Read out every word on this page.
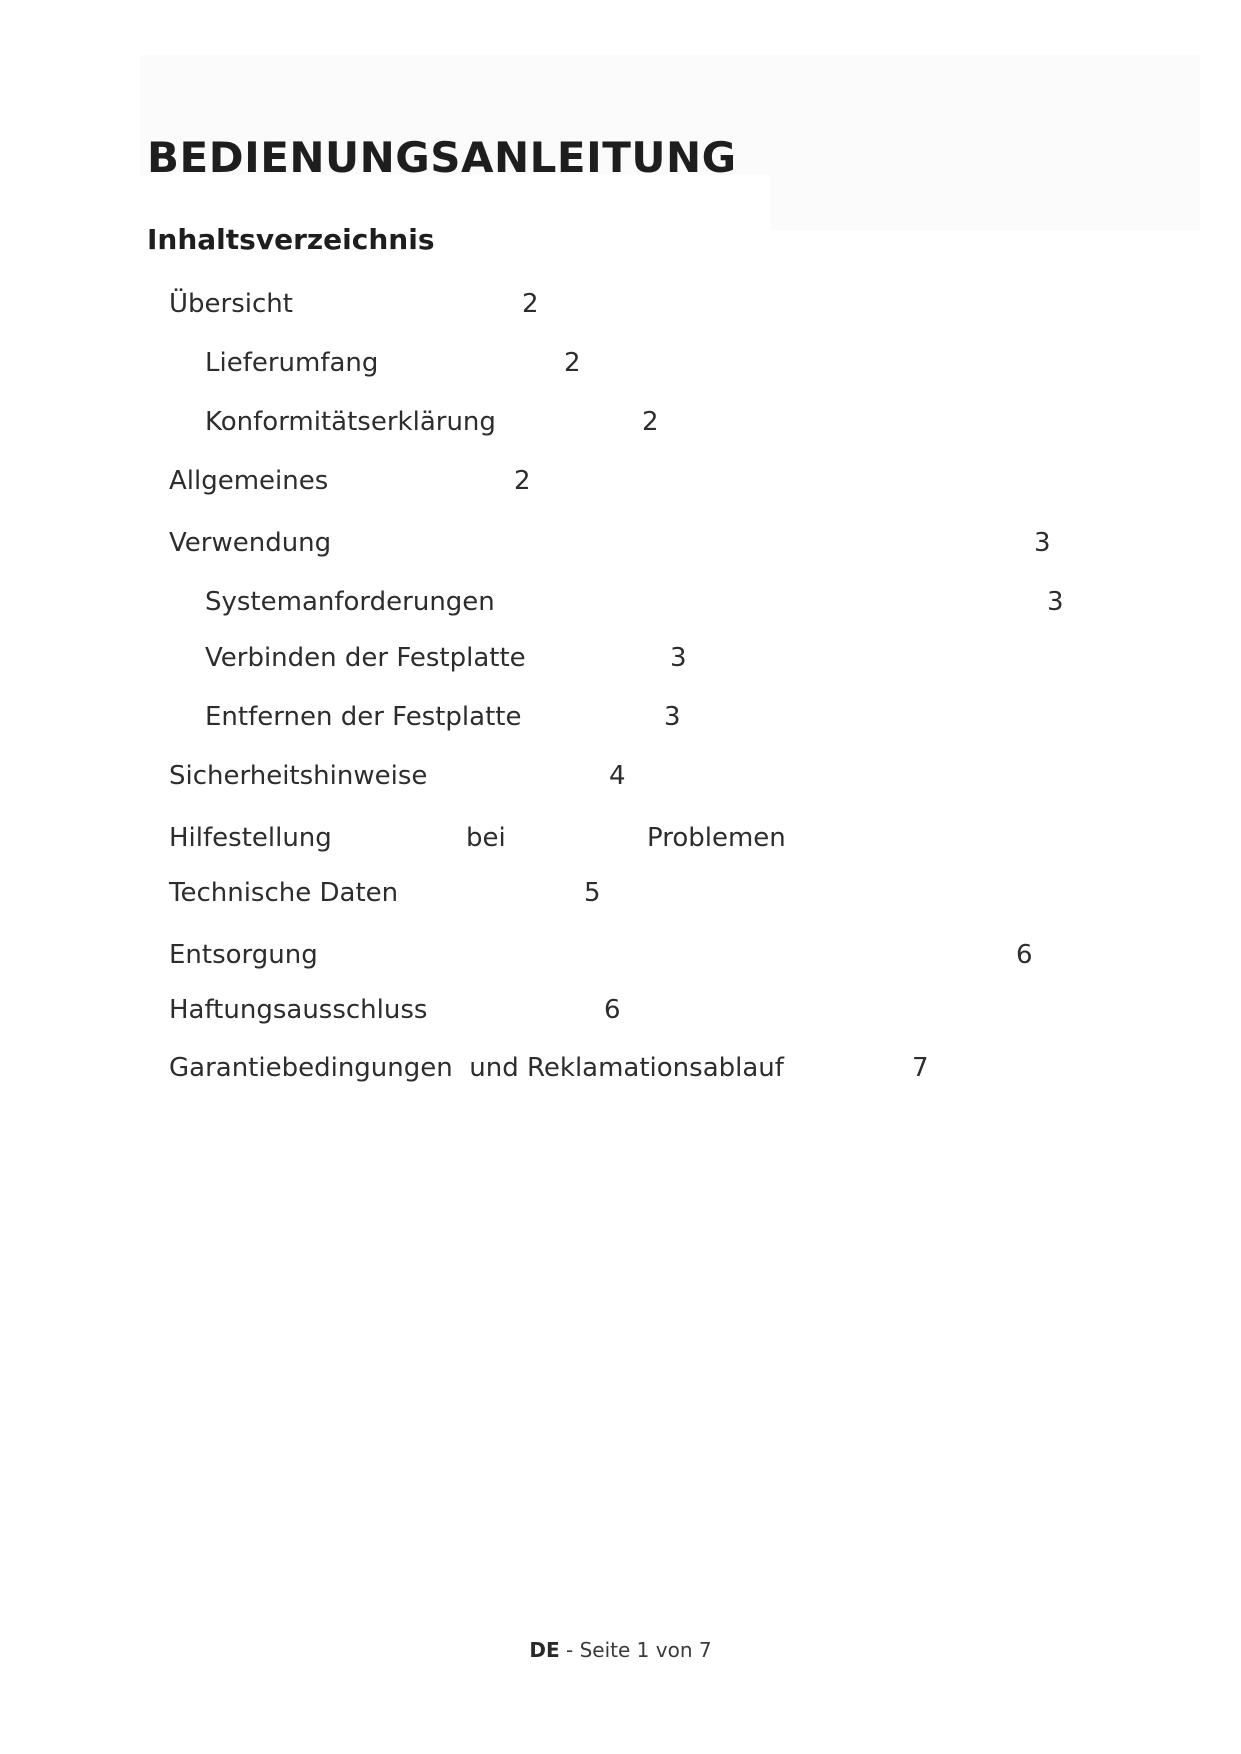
BEDIENUNGSANLEITUNG
Inhaltsverzeichnis
Übersicht	2
Lieferumfang	2
Konformitätserklärung	2
Allgemeines	2
Verwendung	3
Systemanforderungen	3
Verbinden der Festplatte	3
Entfernen der Festplatte	3
Sicherheitshinweise	4
Hilfestellung	bei	Problemen
Technische Daten	5
Entsorgung	6
Haftungsausschluss	6
Garantiebedingungen  und Reklamationsablauf	7
DE - Seite 1 von 7
